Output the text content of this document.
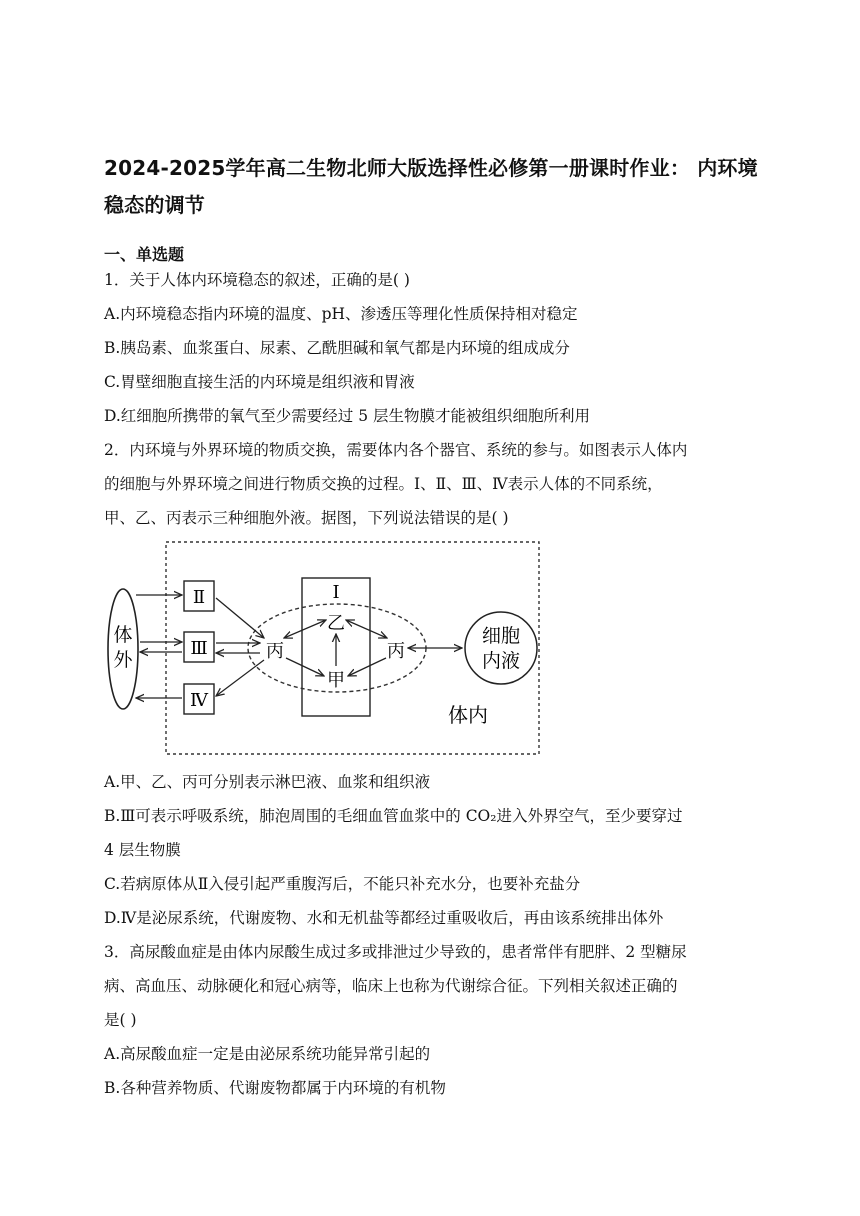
2024-2025学年高二生物北师大版选择性必修第一册课时作业： 内环境稳态的调节
一、单选题
1．关于人体内环境稳态的叙述，正确的是( )
A.内环境稳态指内环境的温度、pH、渗透压等理化性质保持相对稳定
B.胰岛素、血浆蛋白、尿素、乙酰胆碱和氧气都是内环境的组成成分
C.胃壁细胞直接生活的内环境是组织液和胃液
D.红细胞所携带的氧气至少需要经过 5 层生物膜才能被组织细胞所利用
2．内环境与外界环境的物质交换，需要体内各个器官、系统的参与。如图表示人体内
的细胞与外界环境之间进行物质交换的过程。Ⅰ、Ⅱ、Ⅲ、Ⅳ表示人体的不同系统，
甲、乙、丙表示三种细胞外液。据图，下列说法错误的是( )
体
外
Ⅱ
Ⅲ
Ⅳ
Ⅰ
乙
甲
丙	丙
细胞
内液
体内
A.甲、乙、丙可分别表示淋巴液、血浆和组织液
B.Ⅲ可表示呼吸系统，肺泡周围的毛细血管血浆中的 CO₂进入外界空气，至少要穿过
4 层生物膜
C.若病原体从Ⅱ入侵引起严重腹泻后，不能只补充水分，也要补充盐分
D.Ⅳ是泌尿系统，代谢废物、水和无机盐等都经过重吸收后，再由该系统排出体外
3．高尿酸血症是由体内尿酸生成过多或排泄过少导致的，患者常伴有肥胖、2 型糖尿
病、高血压、动脉硬化和冠心病等，临床上也称为代谢综合征。下列相关叙述正确的
是( )
A.高尿酸血症一定是由泌尿系统功能异常引起的
B.各种营养物质、代谢废物都属于内环境的有机物
